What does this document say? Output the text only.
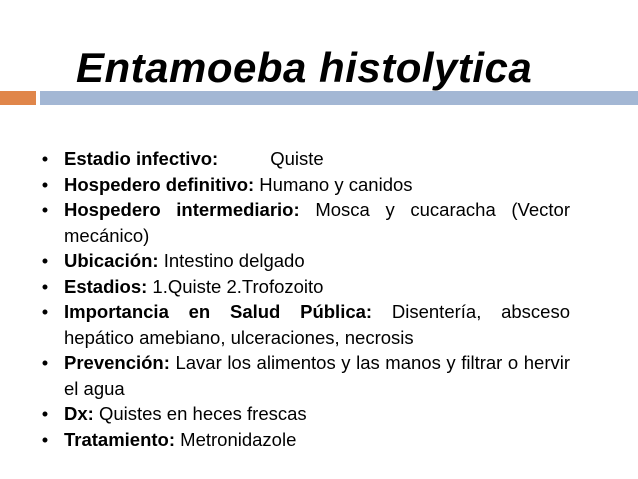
Entamoeba histolytica
• Estadio infectivo:	Quiste
• Hospedero definitivo: Humano y canidos
• Hospedero intermediario: Mosca y cucaracha (Vector mecánico)
• Ubicación: Intestino delgado
• Estadios: 1.Quiste 2.Trofozoito
• Importancia en Salud Pública: Disentería, absceso hepático amebiano, ulceraciones, necrosis
• Prevención: Lavar los alimentos y las manos y filtrar o hervir el agua
• Dx: Quistes en heces frescas
• Tratamiento: Metronidazole
